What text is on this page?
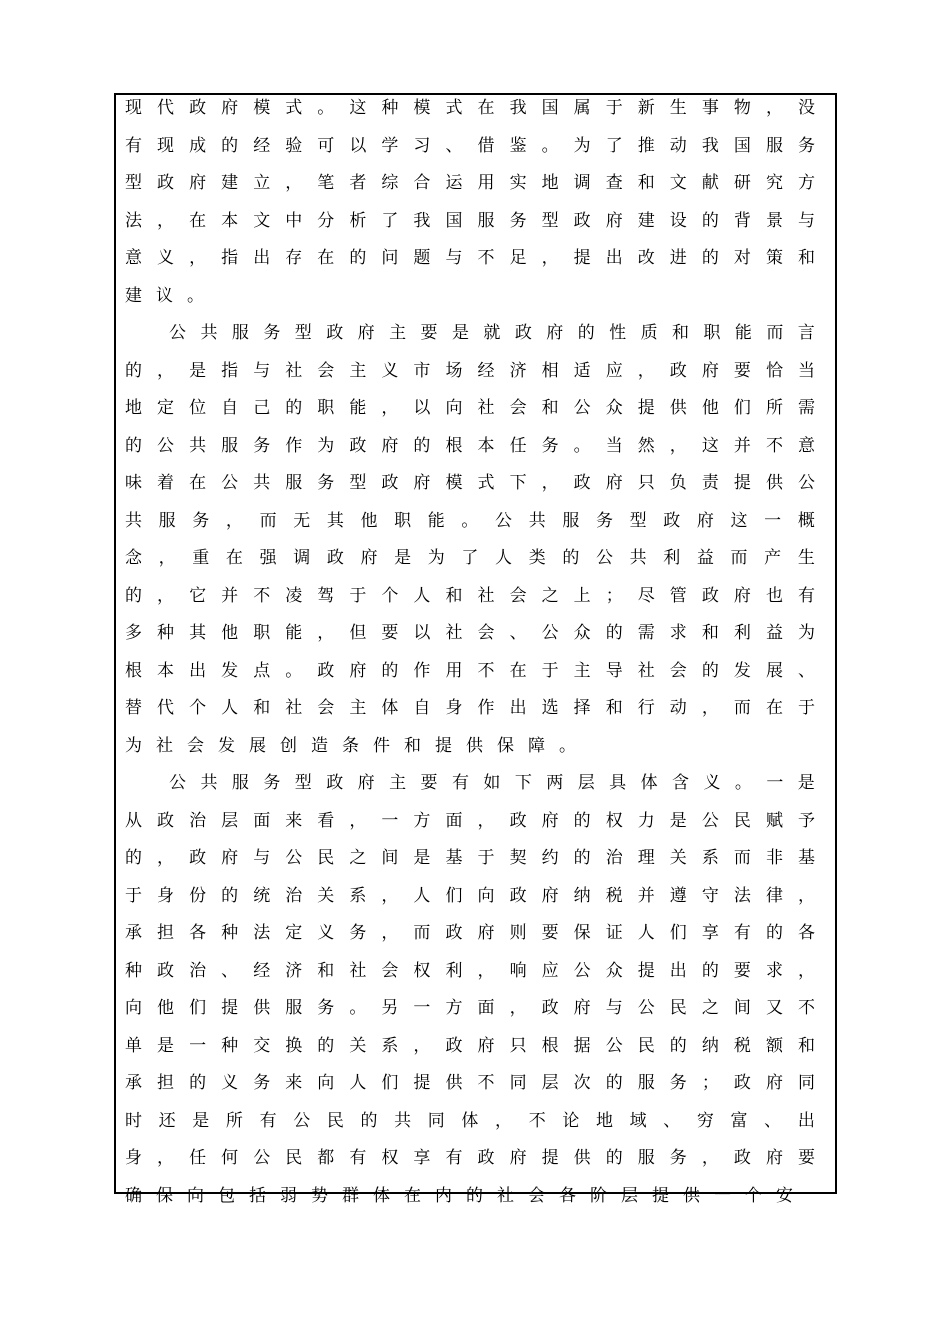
现 代 政 府 模 式 。 这 种 模 式 在 我 国 属 于 新 生 事 物 ， 没
有 现 成 的 经 验 可 以 学 习 、 借 鉴 。 为 了 推 动 我 国 服 务
型 政 府 建 立 ， 笔 者 综 合 运 用 实 地 调 查 和 文 献 研 究 方
法 ， 在 本 文 中 分 析 了 我 国 服 务 型 政 府 建 设 的 背 景 与
意 义 ， 指 出 存 在 的 问 题 与 不 足 ， 提 出 改 进 的 对 策 和
建 议 。
公 共 服 务 型 政 府 主 要 是 就 政 府 的 性 质 和 职 能 而 言
的 ， 是 指 与 社 会 主 义 市 场 经 济 相 适 应 ， 政 府 要 恰 当
地 定 位 自 己 的 职 能 ， 以 向 社 会 和 公 众 提 供 他 们 所 需
的 公 共 服 务 作 为 政 府 的 根 本 任 务 。 当 然 ， 这 并 不 意
味 着 在 公 共 服 务 型 政 府 模 式 下 ， 政 府 只 负 责 提 供 公
共 服 务 ， 而 无 其 他 职 能 。 公 共 服 务 型 政 府 这 一 概
念 ， 重 在 强 调 政 府 是 为 了 人 类 的 公 共 利 益 而 产 生
的 ， 它 并 不 凌 驾 于 个 人 和 社 会 之 上 ； 尽 管 政 府 也 有
多 种 其 他 职 能 ， 但 要 以 社 会 、 公 众 的 需 求 和 利 益 为
根 本 出 发 点 。 政 府 的 作 用 不 在 于 主 导 社 会 的 发 展 、
替 代 个 人 和 社 会 主 体 自 身 作 出 选 择 和 行 动 ， 而 在 于
为 社 会 发 展 创 造 条 件 和 提 供 保 障 。
公 共 服 务 型 政 府 主 要 有 如 下 两 层 具 体 含 义 。 一 是
从 政 治 层 面 来 看 ， 一 方 面 ， 政 府 的 权 力 是 公 民 赋 予
的 ， 政 府 与 公 民 之 间 是 基 于 契 约 的 治 理 关 系 而 非 基
于 身 份 的 统 治 关 系 ， 人 们 向 政 府 纳 税 并 遵 守 法 律 ，
承 担 各 种 法 定 义 务 ， 而 政 府 则 要 保 证 人 们 享 有 的 各
种 政 治 、 经 济 和 社 会 权 利 ， 响 应 公 众 提 出 的 要 求 ，
向 他 们 提 供 服 务 。 另 一 方 面 ， 政 府 与 公 民 之 间 又 不
单 是 一 种 交 换 的 关 系 ， 政 府 只 根 据 公 民 的 纳 税 额 和
承 担 的 义 务 来 向 人 们 提 供 不 同 层 次 的 服 务 ； 政 府 同
时 还 是 所 有 公 民 的 共 同 体 ， 不 论 地 域 、 穷 富 、 出
身 ， 任 何 公 民 都 有 权 享 有 政 府 提 供 的 服 务 ， 政 府 要
确 保 向 包 括 弱 势 群 体 在 内 的 社 会 各 阶 层 提 供 一 个 安
